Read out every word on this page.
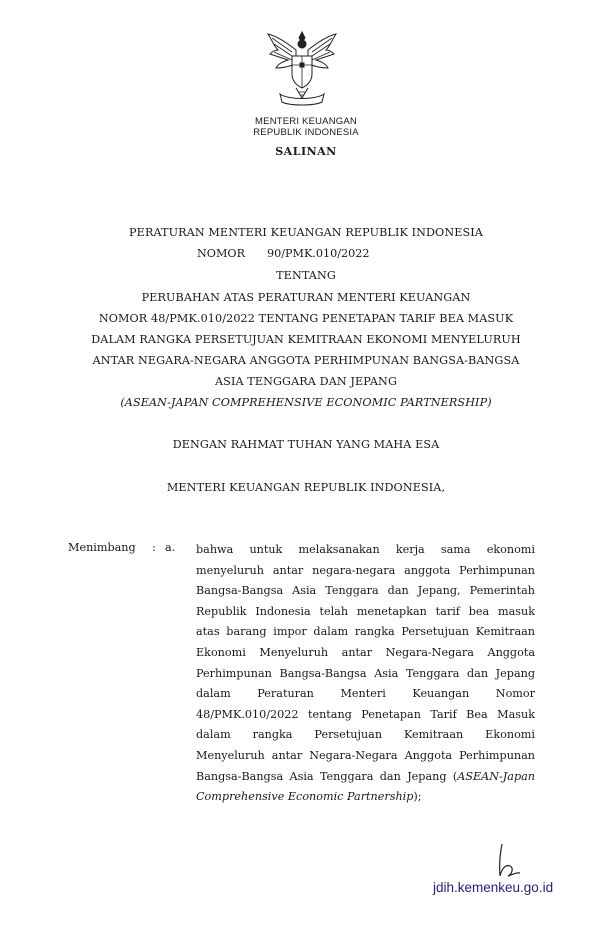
MENTERI KEUANGAN
REPUBLIK INDONESIA
SALINAN
PERATURAN MENTERI KEUANGAN REPUBLIK INDONESIA
NOMOR 90/PMK.010/2022
TENTANG
PERUBAHAN ATAS PERATURAN MENTERI KEUANGAN
NOMOR 48/PMK.010/2022 TENTANG PENETAPAN TARIF BEA MASUK
DALAM RANGKA PERSETUJUAN KEMITRAAN EKONOMI MENYELURUH
ANTAR NEGARA-NEGARA ANGGOTA PERHIMPUNAN BANGSA-BANGSA
ASIA TENGGARA DAN JEPANG
(ASEAN-JAPAN COMPREHENSIVE ECONOMIC PARTNERSHIP)
DENGAN RAHMAT TUHAN YANG MAHA ESA
MENTERI KEUANGAN REPUBLIK INDONESIA,
Menimbang : a. bahwa untuk melaksanakan kerja sama ekonomi
menyeluruh antar negara-negara anggota Perhimpunan
Bangsa-Bangsa Asia Tenggara dan Jepang, Pemerintah
Republik Indonesia telah menetapkan tarif bea masuk
atas barang impor dalam rangka Persetujuan Kemitraan
Ekonomi Menyeluruh antar Negara-Negara Anggota
Perhimpunan Bangsa-Bangsa Asia Tenggara dan Jepang
dalam Peraturan Menteri Keuangan Nomor
48/PMK.010/2022 tentang Penetapan Tarif Bea Masuk
dalam rangka Persetujuan Kemitraan Ekonomi
Menyeluruh antar Negara-Negara Anggota Perhimpunan
Bangsa-Bangsa Asia Tenggara dan Jepang (ASEAN-Japan
Comprehensive Economic Partnership);
jdih.kemenkeu.go.id
